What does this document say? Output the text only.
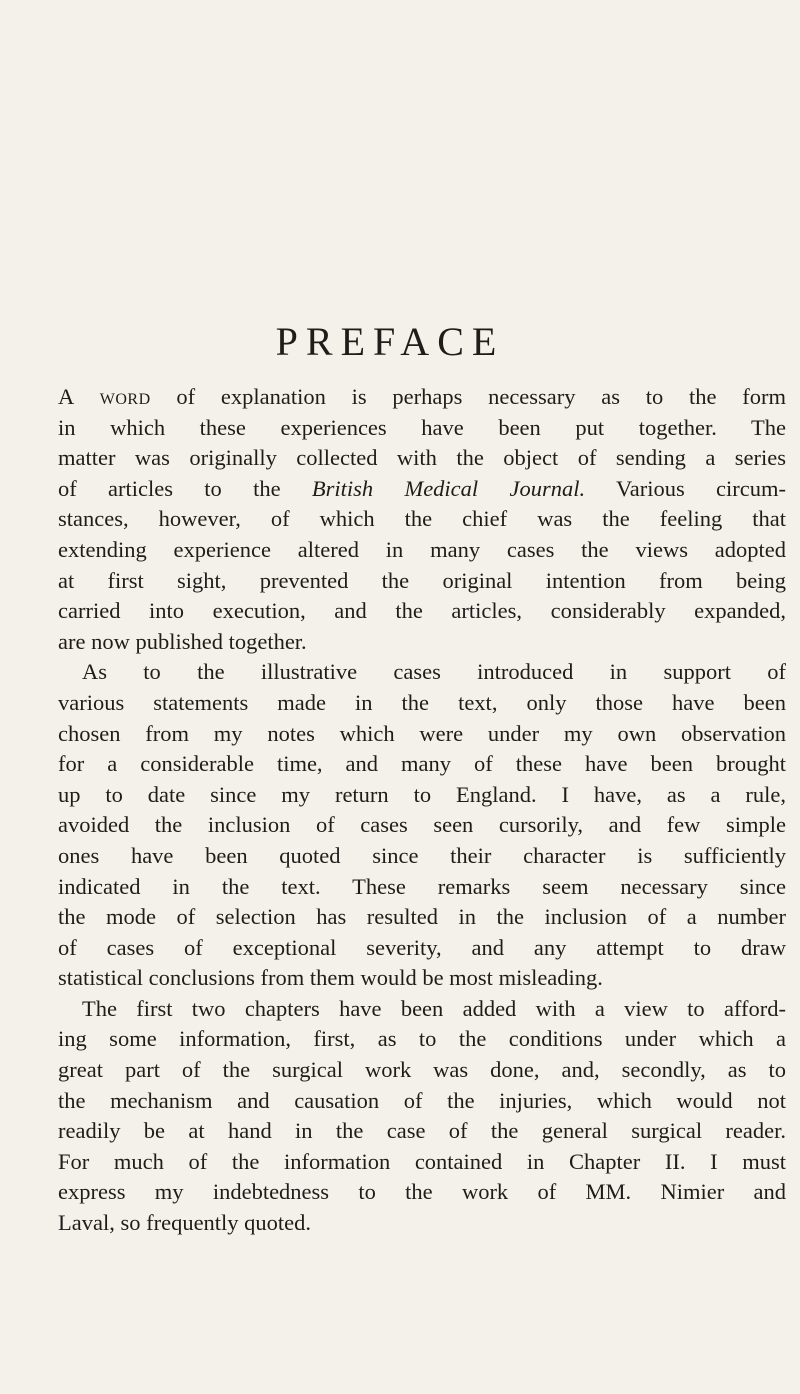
PREFACE
A word of explanation is perhaps necessary as to the form
in which these experiences have been put together. The
matter was originally collected with the object of sending a series
of articles to the British Medical Journal. Various circum-
stances, however, of which the chief was the feeling that
extending experience altered in many cases the views adopted
at first sight, prevented the original intention from being
carried into execution, and the articles, considerably expanded,
are now published together.
As to the illustrative cases introduced in support of
various statements made in the text, only those have been
chosen from my notes which were under my own observation
for a considerable time, and many of these have been brought
up to date since my return to England. I have, as a rule,
avoided the inclusion of cases seen cursorily, and few simple
ones have been quoted since their character is sufficiently
indicated in the text. These remarks seem necessary since
the mode of selection has resulted in the inclusion of a number
of cases of exceptional severity, and any attempt to draw
statistical conclusions from them would be most misleading.
The first two chapters have been added with a view to afford-
ing some information, first, as to the conditions under which a
great part of the surgical work was done, and, secondly, as to
the mechanism and causation of the injuries, which would not
readily be at hand in the case of the general surgical reader.
For much of the information contained in Chapter II. I must
express my indebtedness to the work of MM. Nimier and
Laval, so frequently quoted.
